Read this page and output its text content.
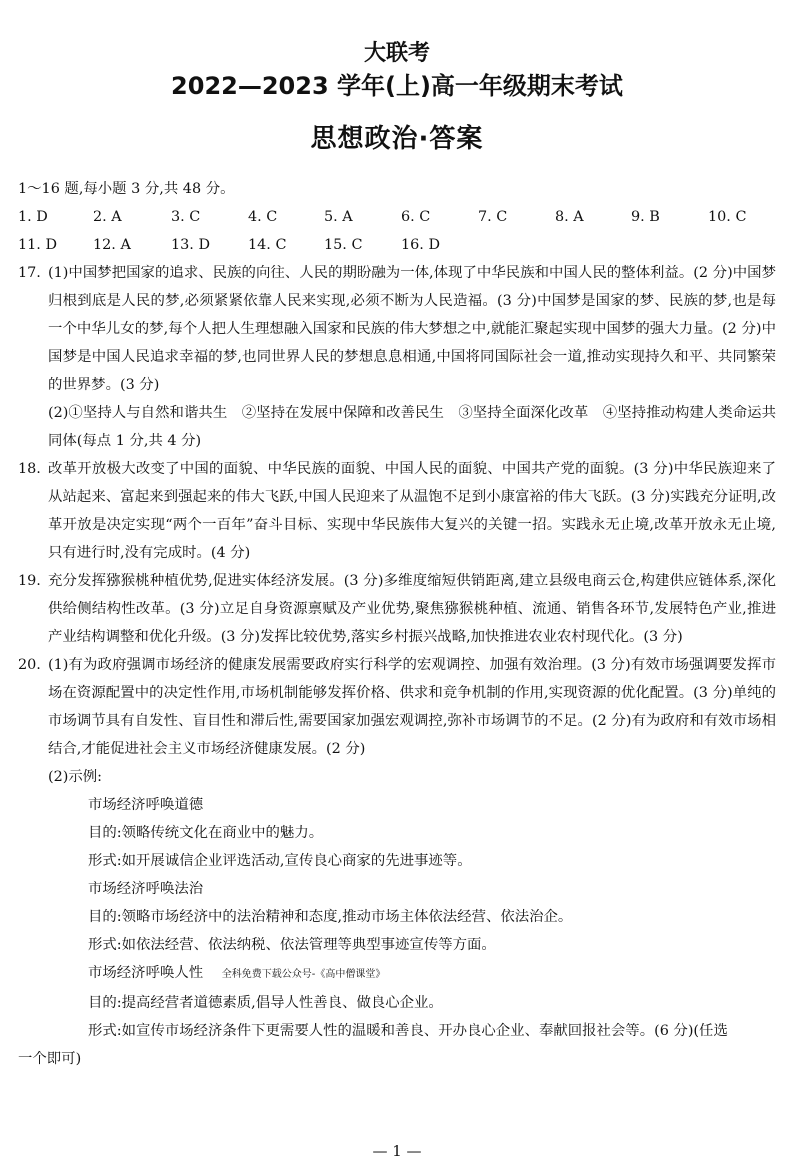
大联考
2022—2023 学年(上)高一年级期末考试
思想政治·答案
1～16 题,每小题 3 分,共 48 分。
1. D	2. A	3. C	4. C	5. A	6. C	7. C	8. A	9. B	10. C
11. D	12. A	13. D	14. C	15. C	16. D
17. (1)中国梦把国家的追求、民族的向往、人民的期盼融为一体,体现了中华民族和中国人民的整体利益。(2 分)中国梦归根到底是人民的梦,必须紧紧依靠人民来实现,必须不断为人民造福。(3 分)中国梦是国家的梦、民族的梦,也是每一个中华儿女的梦,每个人把人生理想融入国家和民族的伟大梦想之中,就能汇聚起实现中国梦的强大力量。(2 分)中国梦是中国人民追求幸福的梦,也同世界人民的梦想息息相通,中国将同国际社会一道,推动实现持久和平、共同繁荣的世界梦。(3 分)
(2)①坚持人与自然和谐共生　②坚持在发展中保障和改善民生　③坚持全面深化改革　④坚持推动构建人类命运共同体(每点 1 分,共 4 分)
18. 改革开放极大改变了中国的面貌、中华民族的面貌、中国人民的面貌、中国共产党的面貌。(3 分)中华民族迎来了从站起来、富起来到强起来的伟大飞跃,中国人民迎来了从温饱不足到小康富裕的伟大飞跃。(3 分)实践充分证明,改革开放是决定实现“两个一百年”奋斗目标、实现中华民族伟大复兴的关键一招。实践永无止境,改革开放永无止境,只有进行时,没有完成时。(4 分)
19. 充分发挥猕猴桃种植优势,促进实体经济发展。(3 分)多维度缩短供销距离,建立县级电商云仓,构建供应链体系,深化供给侧结构性改革。(3 分)立足自身资源禀赋及产业优势,聚焦猕猴桃种植、流通、销售各环节,发展特色产业,推进产业结构调整和优化升级。(3 分)发挥比较优势,落实乡村振兴战略,加快推进农业农村现代化。(3 分)
20. (1)有为政府强调市场经济的健康发展需要政府实行科学的宏观调控、加强有效治理。(3 分)有效市场强调要发挥市场在资源配置中的决定性作用,市场机制能够发挥价格、供求和竞争机制的作用,实现资源的优化配置。(3 分)单纯的市场调节具有自发性、盲目性和滞后性,需要国家加强宏观调控,弥补市场调节的不足。(2 分)有为政府和有效市场相结合,才能促进社会主义市场经济健康发展。(2 分)
(2)示例:
市场经济呼唤道德
目的:领略传统文化在商业中的魅力。
形式:如开展诚信企业评选活动,宣传良心商家的先进事迹等。
市场经济呼唤法治
目的:领略市场经济中的法治精神和态度,推动市场主体依法经营、依法治企。
形式:如依法经营、依法纳税、依法管理等典型事迹宣传等方面。
市场经济呼唤人性 全科免费下载公众号-《高中僧课堂》
目的:提高经营者道德素质,倡导人性善良、做良心企业。
形式:如宣传市场经济条件下更需要人性的温暖和善良、开办良心企业、奉献回报社会等。(6 分)(任选
一个即可)
— 1 —
